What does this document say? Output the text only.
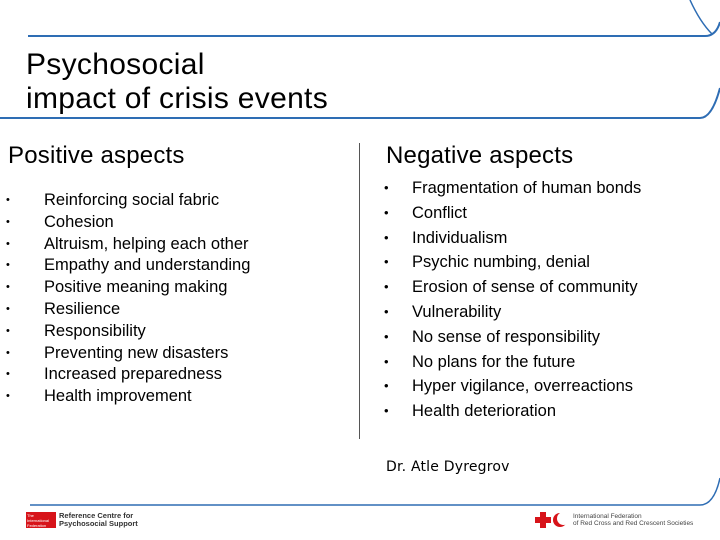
Psychosocial
impact of crisis events
Positive aspects	Negative aspects
• Reinforcing social fabric
• Cohesion
• Altruism, helping each other
• Empathy and understanding
• Positive meaning making
• Resilience
• Responsibility
• Preventing new disasters
• Increased preparedness
• Health improvement
• Fragmentation of human bonds
• Conflict
• Individualism
• Psychic numbing, denial
• Erosion of sense of community
• Vulnerability
• No sense of responsibility
• No plans for the future
• Hyper vigilance, overreactions
• Health deterioration
Dr. Atle Dyregrov
The International Federation
Reference Centre for
Psychosocial Support
International Federation
of Red Cross and Red Crescent Societies
